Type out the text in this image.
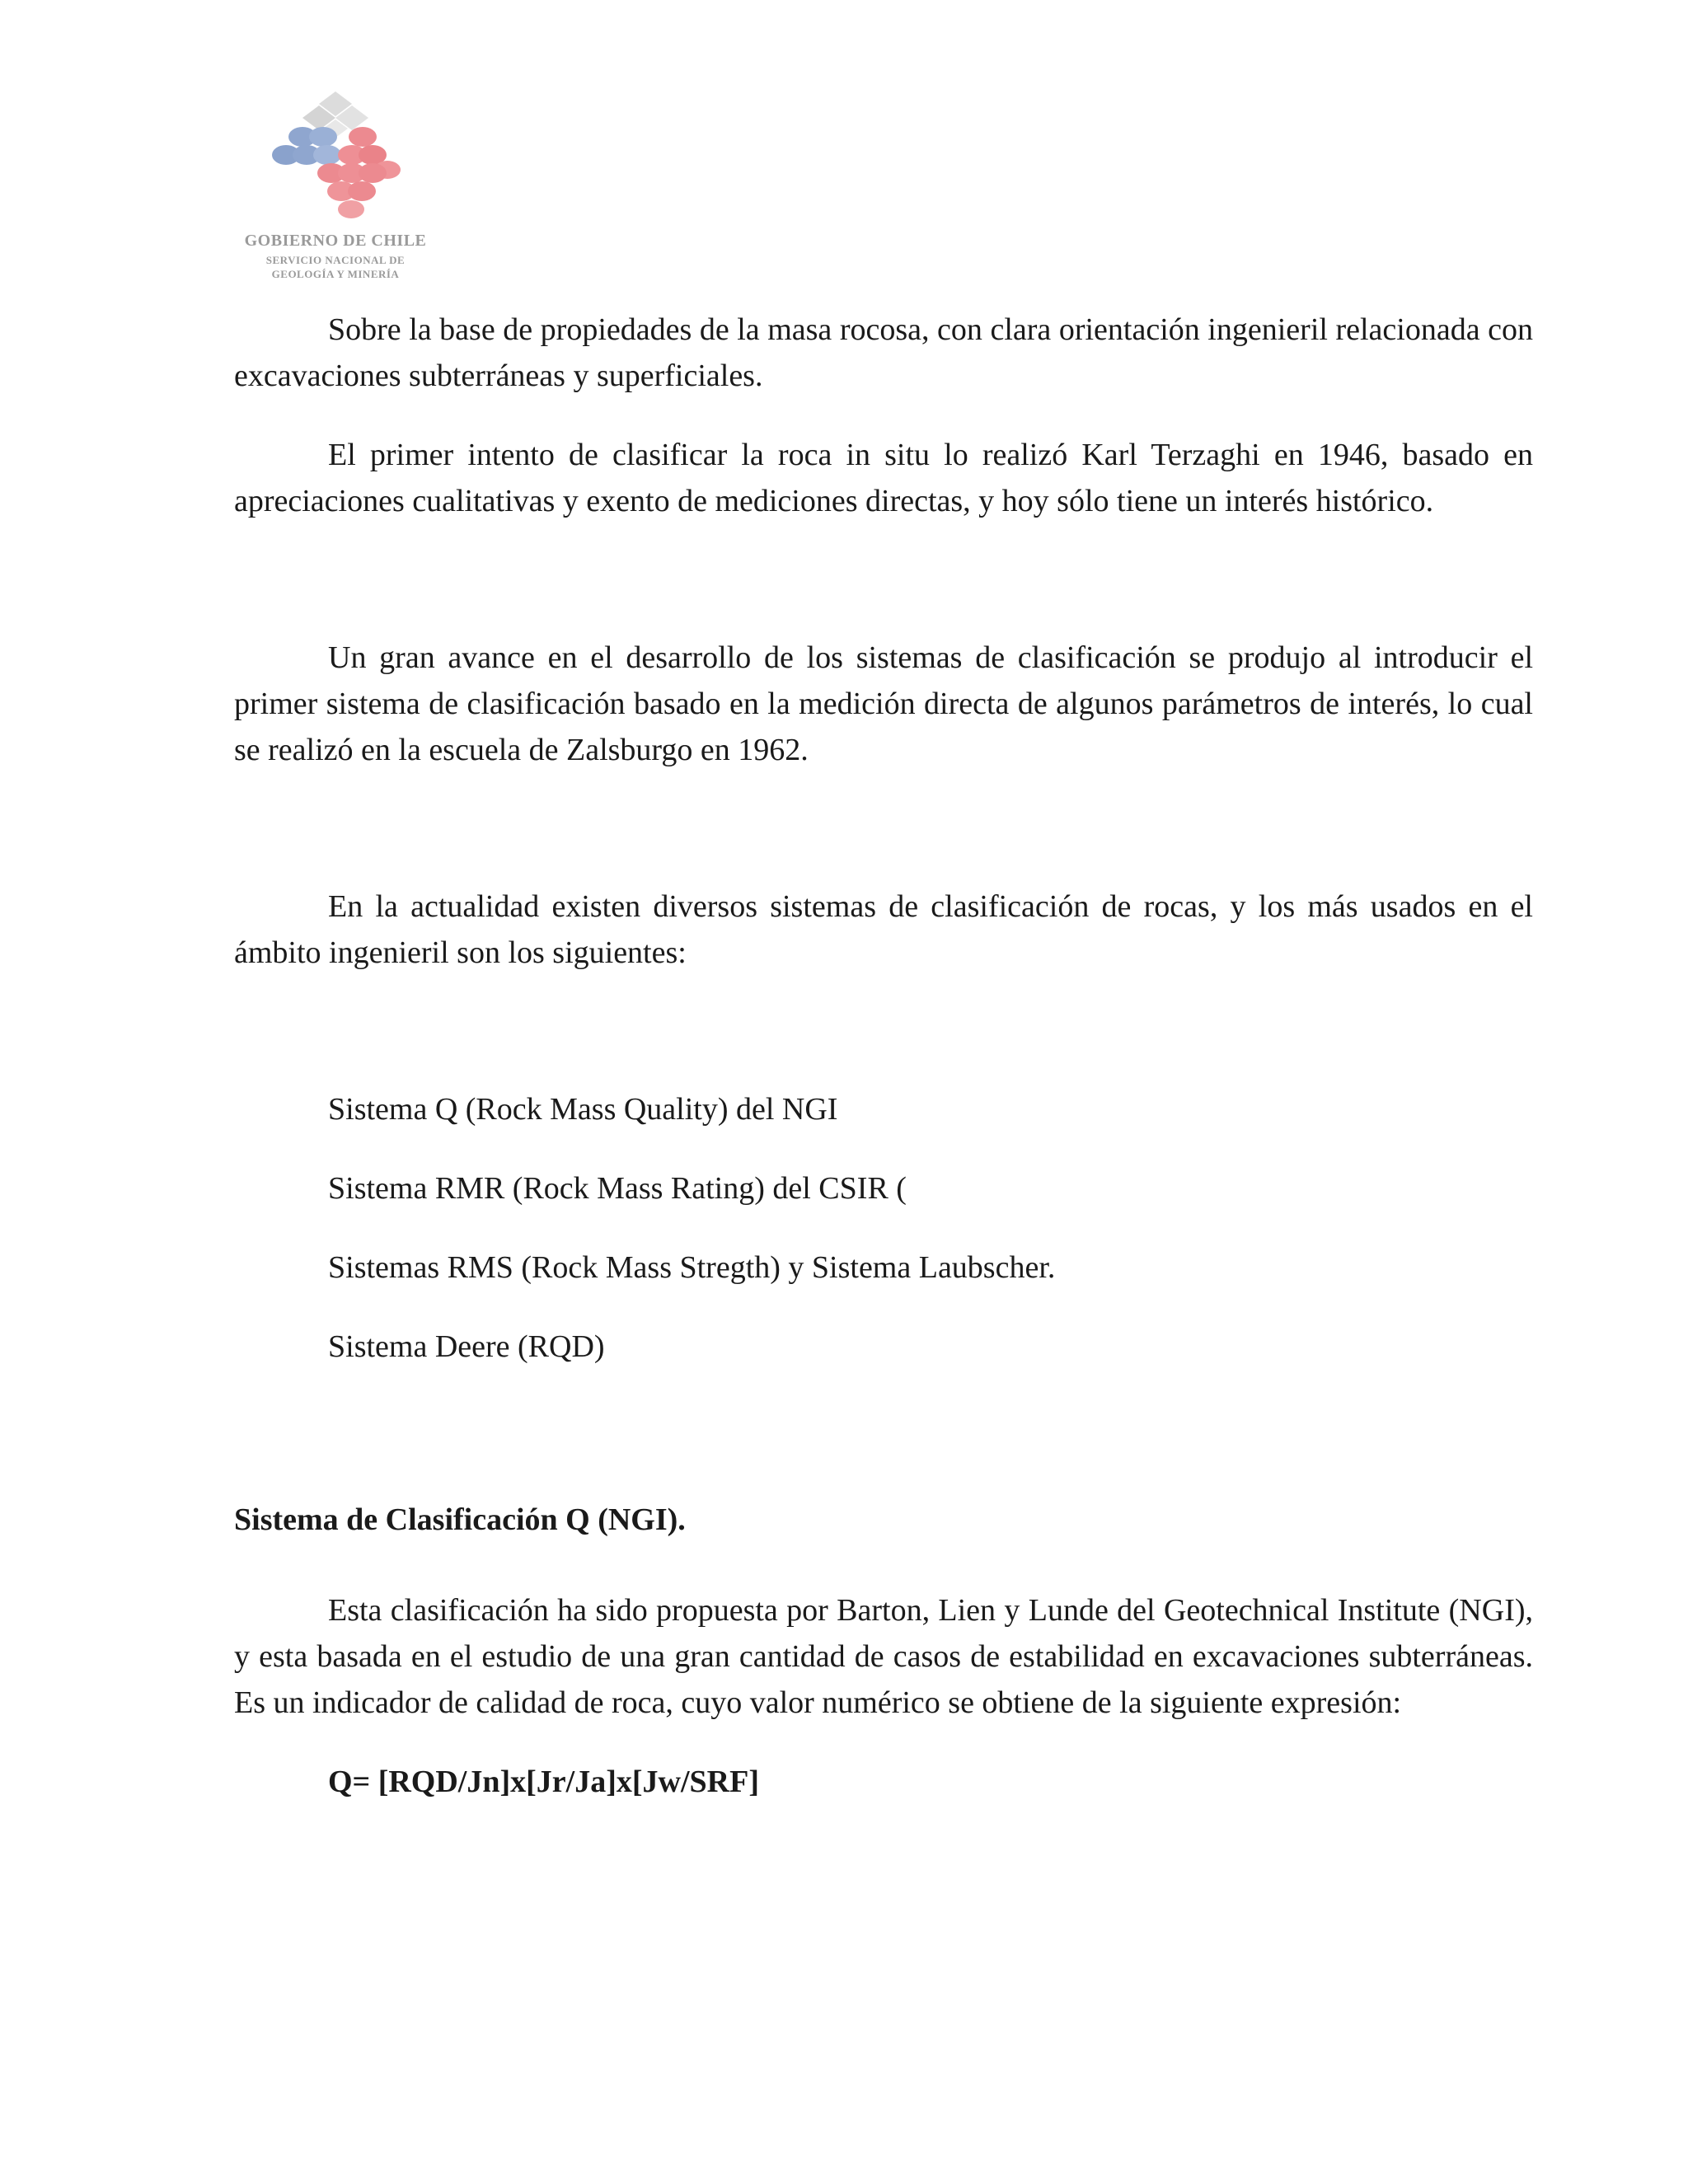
GOBIERNO DE CHILE
SERVICIO NACIONAL DE
GEOLOGÍA Y MINERÍA

Sobre la base de propiedades de la masa rocosa, con clara orientación ingenieril relacionada con excavaciones subterráneas y superficiales.

El primer intento de clasificar la roca in situ lo realizó Karl Terzaghi en 1946, basado en apreciaciones cualitativas y exento de mediciones directas, y hoy sólo tiene un interés histórico.

Un gran avance en el desarrollo de los sistemas de clasificación se produjo al introducir el primer sistema de clasificación basado en la medición directa de algunos parámetros de interés, lo cual se realizó en la escuela de Zalsburgo en 1962.

En la actualidad existen diversos sistemas de clasificación de rocas, y los más usados en el ámbito ingenieril son los siguientes:

Sistema Q (Rock Mass Quality) del NGI

Sistema RMR (Rock Mass Rating) del CSIR (

Sistemas RMS (Rock Mass Stregth) y Sistema Laubscher.

Sistema Deere (RQD)

Sistema de Clasificación Q (NGI).

Esta clasificación ha sido propuesta por Barton, Lien y Lunde del Geotechnical Institute (NGI), y esta basada en el estudio de una gran cantidad de casos de estabilidad en excavaciones subterráneas. Es un indicador de calidad de roca, cuyo valor numérico se obtiene de la siguiente expresión:

Q= [RQD/Jn]x[Jr/Ja]x[Jw/SRF]
